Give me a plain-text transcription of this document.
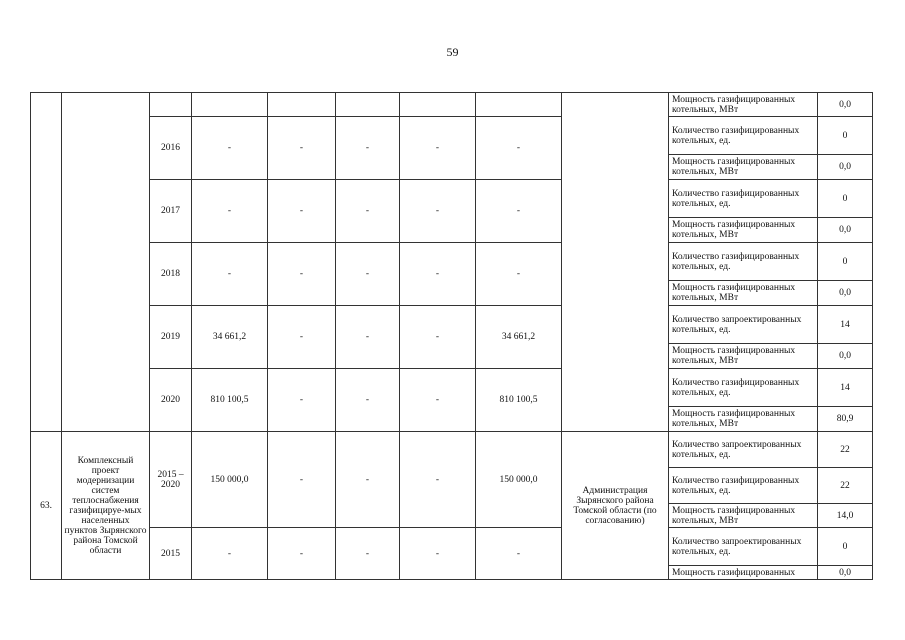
59
									Мощность газифицированных котельных, МВт	0,0
		2016	-	-	-	-	-		Количество газифицированных котельных, ед.	0
									Мощность газифицированных котельных, МВт	0,0
		2017	-	-	-	-	-		Количество газифицированных котельных, ед.	0
									Мощность газифицированных котельных, МВт	0,0
		2018	-	-	-	-	-		Количество газифицированных котельных, ед.	0
									Мощность газифицированных котельных, МВт	0,0
		2019	34 661,2	-	-	-	34 661,2		Количество запроектированных котельных, ед.	14
									Мощность газифицированных котельных, МВт	0,0
		2020	810 100,5	-	-	-	810 100,5		Количество газифицированных котельных, ед.	14
									Мощность газифицированных котельных, МВт	80,9
63.	Комплексный проект модернизации систем теплоснабжения газифицируе-мых населенных пунктов Зырянского района Томской области	2015 – 2020	150 000,0	-	-	-	150 000,0	Администрация Зырянского района Томской области (по согласованию)	Количество запроектированных котельных, ед.	22
									Количество газифицированных котельных, ед.	22
									Мощность газифицированных котельных, МВт	14,0
		2015	-	-	-	-	-		Количество запроектированных котельных, ед.	0
									Мощность газифицированных	0,0
